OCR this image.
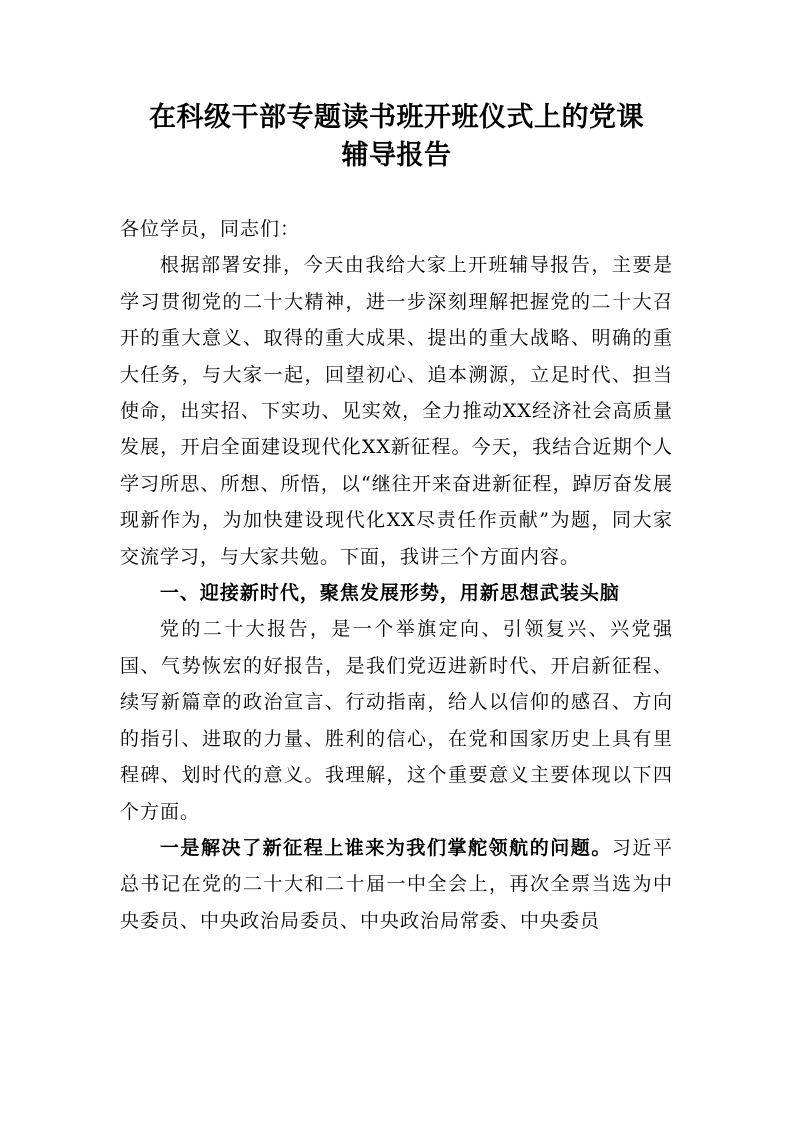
在科级干部专题读书班开班仪式上的党课
辅导报告

各位学员，同志们：

根据部署安排，今天由我给大家上开班辅导报告，主要是学习贯彻党的二十大精神，进一步深刻理解把握党的二十大召开的重大意义、取得的重大成果、提出的重大战略、明确的重大任务，与大家一起，回望初心、追本溯源，立足时代、担当使命，出实招、下实功、见实效，全力推动XX经济社会高质量发展，开启全面建设现代化XX新征程。今天，我结合近期个人学习所思、所想、所悟，以“继往开来奋进新征程，踔厉奋发展现新作为，为加快建设现代化XX尽责任作贡献”为题，同大家交流学习，与大家共勉。下面，我讲三个方面内容。

一、迎接新时代，聚焦发展形势，用新思想武装头脑

党的二十大报告，是一个举旗定向、引领复兴、兴党强国、气势恢宏的好报告，是我们党迈进新时代、开启新征程、续写新篇章的政治宣言、行动指南，给人以信仰的感召、方向的指引、进取的力量、胜利的信心，在党和国家历史上具有里程碑、划时代的意义。我理解，这个重要意义主要体现以下四个方面。

一是解决了新征程上谁来为我们掌舵领航的问题。习近平总书记在党的二十大和二十届一中全会上，再次全票当选为中央委员、中央政治局委员、中央政治局常委、中央委员
